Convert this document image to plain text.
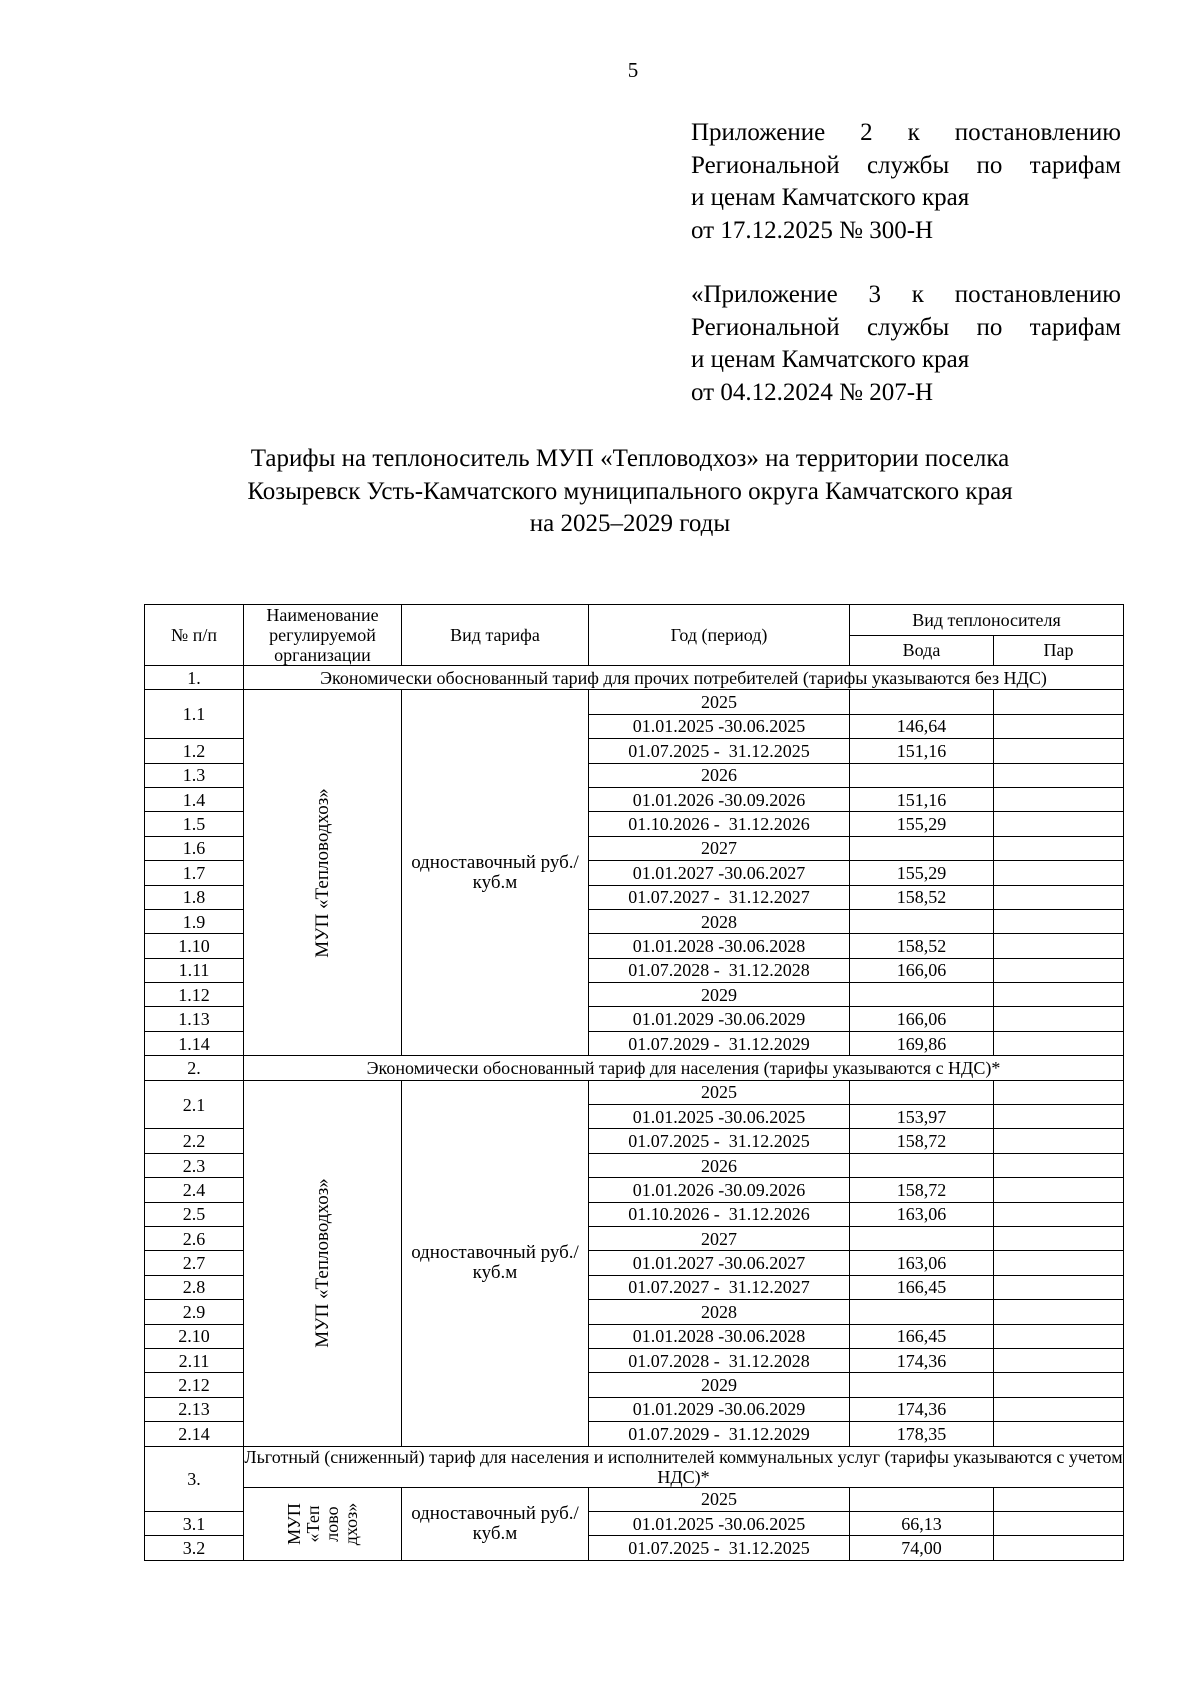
5
Приложение 2 к постановлению
Региональной службы по тарифам
и ценам Камчатского края
от 17.12.2025 № 300-Н
«Приложение 3 к постановлению
Региональной службы по тарифам
и ценам Камчатского края
от 04.12.2024 № 207-Н
Тарифы на теплоноситель МУП «Тепловодхоз» на территории поселка
Козыревск Усть-Камчатского муниципального округа Камчатского края
на 2025–2029 годы
№ п/п	Наименование регулируемой организации	Вид тарифа	Год (период)	Вид теплоносителя	
				Вода	Пар
1.	Экономически обоснованный тариф для прочих потребителей (тарифы указываются без НДС)				
1.1	МУП «Тепловодхоз»	одноставочный руб./куб.м	2025		
			01.01.2025 -30.06.2025	146,64	
1.2			01.07.2025 -  31.12.2025	151,16	
1.3			2026		
1.4			01.01.2026 -30.09.2026	151,16	
1.5			01.10.2026 -  31.12.2026	155,29	
1.6			2027		
1.7			01.01.2027 -30.06.2027	155,29	
1.8			01.07.2027 -  31.12.2027	158,52	
1.9			2028		
1.10			01.01.2028 -30.06.2028	158,52	
1.11			01.07.2028 -  31.12.2028	166,06	
1.12			2029		
1.13			01.01.2029 -30.06.2029	166,06	
1.14			01.07.2029 -  31.12.2029	169,86	
2.	Экономически обоснованный тариф для населения (тарифы указываются с НДС)*				
2.1	МУП «Тепловодхоз»	одноставочный руб./куб.м	2025		
			01.01.2025 -30.06.2025	153,97	
2.2			01.07.2025 -  31.12.2025	158,72	
2.3			2026		
2.4			01.01.2026 -30.09.2026	158,72	
2.5			01.10.2026 -  31.12.2026	163,06	
2.6			2027		
2.7			01.01.2027 -30.06.2027	163,06	
2.8			01.07.2027 -  31.12.2027	166,45	
2.9			2028		
2.10			01.01.2028 -30.06.2028	166,45	
2.11			01.07.2028 -  31.12.2028	174,36	
2.12			2029		
2.13			01.01.2029 -30.06.2029	174,36	
2.14			01.07.2029 -  31.12.2029	178,35	
3.	Льготный (сниженный) тариф для населения и исполнителей коммунальных услуг (тарифы указываются с учетом НДС)*				

	МУП «Теп лово дхоз»	одноставочный руб./куб.м	2025		
3.1			01.01.2025 -30.06.2025	66,13	
3.2			01.07.2025 -  31.12.2025	74,00	
